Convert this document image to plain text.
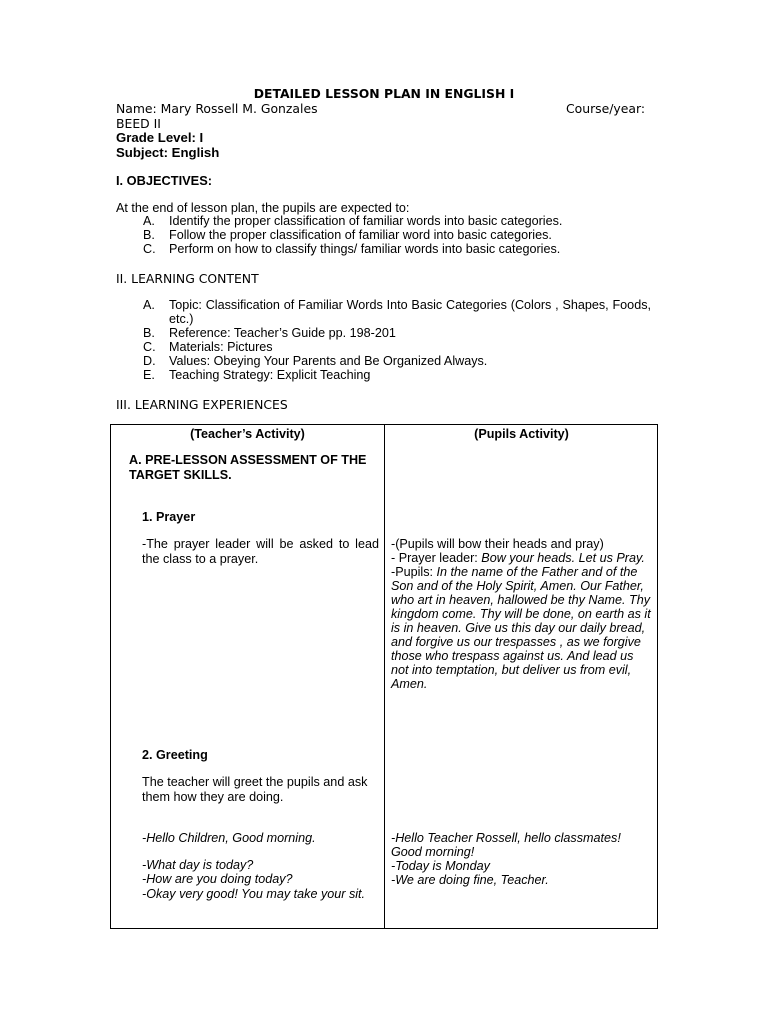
DETAILED LESSON PLAN IN ENGLISH I
Name: Mary Rossell M. Gonzales	Course/year:
BEED II
Grade Level: I
Subject: English
I. OBJECTIVES:
At the end of lesson plan, the pupils are expected to:
A. Identify the proper classification of familiar words into basic categories.
B. Follow the proper classification of familiar word into basic categories.
C. Perform on how to classify things/ familiar words into basic categories.
II. LEARNING CONTENT
A. Topic: Classification of Familiar Words Into Basic Categories (Colors , Shapes, Foods, etc.)
B. Reference: Teacher’s Guide pp. 198-201
C. Materials: Pictures
D. Values: Obeying Your Parents and Be Organized Always.
E. Teaching Strategy: Explicit Teaching
III. LEARNING EXPERIENCES
(Teacher’s Activity)	(Pupils Activity)
A. PRE-LESSON ASSESSMENT OF THE TARGET SKILLS.
1. Prayer
-The prayer leader will be asked to lead the class to a prayer.
-(Pupils will bow their heads and pray)
- Prayer leader: Bow your heads. Let us Pray.
-Pupils: In the name of the Father and of the Son and of the Holy Spirit, Amen. Our Father, who art in heaven, hallowed be thy Name. Thy kingdom come. Thy will be done, on earth as it is in heaven. Give us this day our daily bread, and forgive us our trespasses , as we forgive those who trespass against us. And lead us not into temptation, but deliver us from evil, Amen.
2. Greeting
The teacher will greet the pupils and ask them how they are doing.
-Hello Children, Good morning.
-What day is today?
-How are you doing today?
-Okay very good! You may take your sit.
-Hello Teacher Rossell, hello classmates! Good morning!
-Today is Monday
-We are doing fine, Teacher.
